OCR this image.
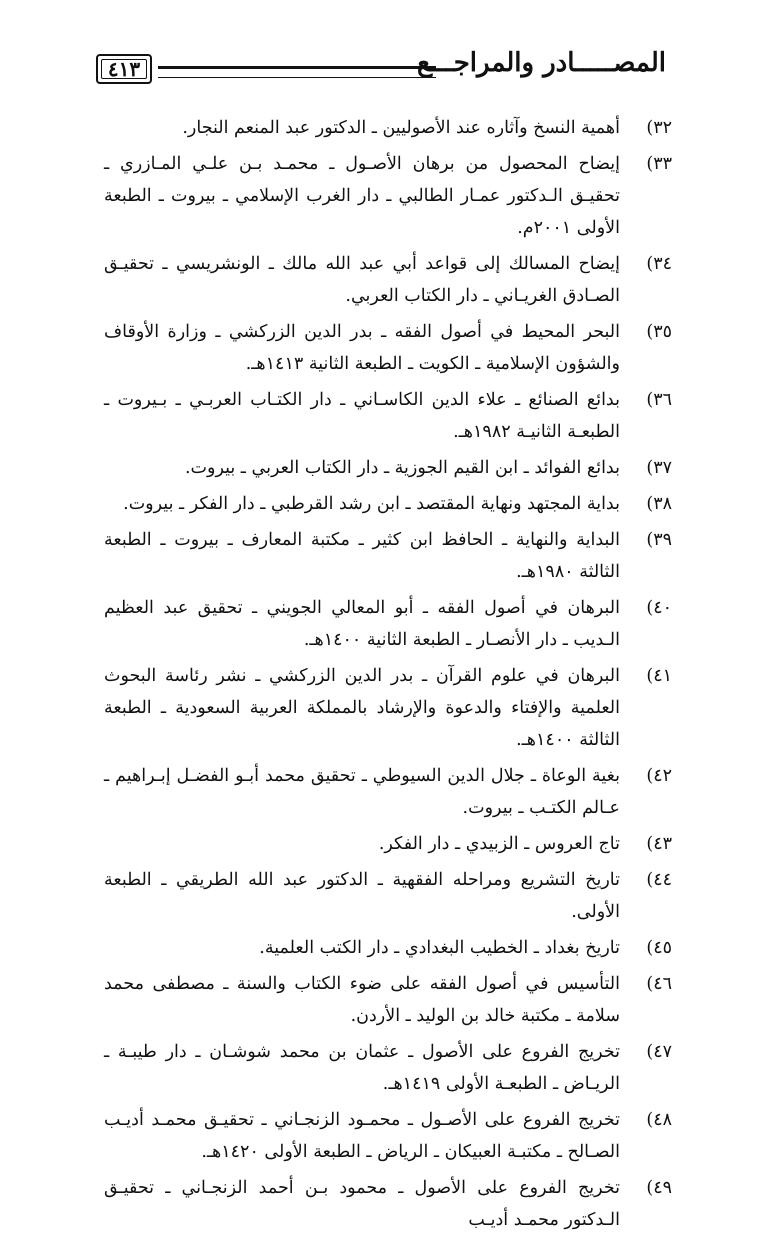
٤١٣	المصـــــادر والمراجـــع
٣٢)
أهمية النسخ وآثاره عند الأصوليين ـ الدكتور عبد المنعم النجار.
٣٣)
إيضاح المحصول من برهان الأصـول ـ محمـد بـن علـي المـازري ـ تحقيـق الـدكتور عمـار الطالبي ـ دار الغرب الإسلامي ـ بيروت ـ الطبعة الأولى ٢٠٠١م.
٣٤)
إيضاح المسالك إلى قواعد أبي عبد الله مالك ـ الونشريسي ـ تحقيـق الصـادق الغريـاني ـ دار الكتاب العربي.
٣٥)
البحر المحيط في أصول الفقه ـ بدر الدين الزركشي ـ وزارة الأوقاف والشؤون الإسلامية ـ الكويت ـ الطبعة الثانية ١٤١٣هـ.
٣٦)
بدائع الصنائع ـ علاء الدين الكاسـاني ـ دار الكتـاب العربـي ـ بـيروت ـ الطبعـة الثانيـة ١٩٨٢هـ.
٣٧)
بدائع الفوائد ـ ابن القيم الجوزية ـ دار الكتاب العربي ـ بيروت.
٣٨)
بداية المجتهد ونهاية المقتصد ـ ابن رشد القرطبي ـ دار الفكر ـ بيروت.
٣٩)
البداية والنهاية ـ الحافظ ابن كثير ـ مكتبة المعارف ـ بيروت ـ الطبعة الثالثة ١٩٨٠هـ.
٤٠)
البرهان في أصول الفقه ـ أبو المعالي الجويني ـ تحقيق عبد العظيم الـديب ـ دار الأنصـار ـ الطبعة الثانية ١٤٠٠هـ.
٤١)
البرهان في علوم القرآن ـ بدر الدين الزركشي ـ نشر رئاسة البحوث العلمية والإفتاء والدعوة والإرشاد بالمملكة العربية السعودية ـ الطبعة الثالثة ١٤٠٠هـ.
٤٢)
بغية الوعاة ـ جلال الدين السيوطي ـ تحقيق محمد أبـو الفضـل إبـراهيم ـ عـالم الكتـب ـ بيروت.
٤٣)
تاج العروس ـ الزبيدي ـ دار الفكر.
٤٤)
تاريخ التشريع ومراحله الفقهية ـ الدكتور عبد الله الطريقي ـ الطبعة الأولى.
٤٥)
تاريخ بغداد ـ الخطيب البغدادي ـ دار الكتب العلمية.
٤٦)
التأسيس في أصول الفقه على ضوء الكتاب والسنة ـ مصطفى محمد سلامة ـ مكتبة خالد بن الوليد ـ الأردن.
٤٧)
تخريج الفروع على الأصول ـ عثمان بن محمد شوشـان ـ دار طيبـة ـ الريـاض ـ الطبعـة الأولى ١٤١٩هـ.
٤٨)
تخريج الفروع على الأصـول ـ محمـود الزنجـاني ـ تحقيـق محمـد أديـب الصـالح ـ مكتبـة العبيكان ـ الرياض ـ الطبعة الأولى ١٤٢٠هـ.
٤٩)
تخريج الفروع على الأصول ـ محمود بـن أحمد الزنجـاني ـ تحقيـق الـدكتور محمـد أديـب
